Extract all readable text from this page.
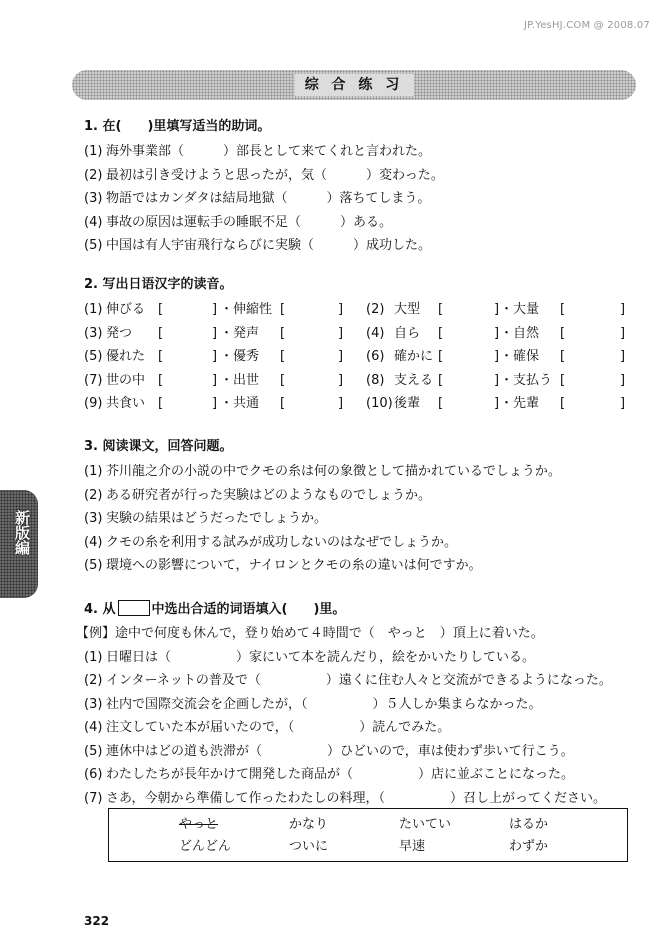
JP.YesHJ.COM @ 2008.07
综 合 练 习
新版編
1. 在(　　)里填写适当的助词。
(1) 海外事業部（　　　）部長として来てくれと言われた。
(2) 最初は引き受けようと思ったが，気（　　　）変わった。
(3) 物語ではカンダタは結局地獄（　　　）落ちてしまう。
(4) 事故の原因は運転手の睡眠不足（　　　）ある。
(5) 中国は有人宇宙飛行ならびに実験（　　　）成功した。
2. 写出日语汉字的读音。
(1) 伸びる [	] ・伸縮性 [	] (2) 大型 [	] ・大量 [	]
(3) 発つ [	] ・発声 [	] (4) 自ら [	] ・自然 [	]
(5) 優れた [	] ・優秀 [	] (6) 確かに [	] ・確保 [	]
(7) 世の中 [	] ・出世 [	] (8) 支える [	] ・支払う [	]
(9) 共食い [	] ・共通 [	] (10) 後輩 [	] ・先輩 [	]
3. 阅读课文，回答问题。
(1) 芥川龍之介の小説の中でクモの糸は何の象徴として描かれているでしょうか。
(2) ある研究者が行った実験はどのようなものでしょうか。
(3) 実験の結果はどうだったでしょうか。
(4) クモの糸を利用する試みが成功しないのはなぜでしょうか。
(5) 環境への影響について，ナイロンとクモの糸の違いは何ですか。
4. 从	中选出合适的词语填入(　　)里。
【例】途中で何度も休んで，登り始めて４時間で（　やっと　）頂上に着いた。
(1) 日曜日は（　　　　　）家にいて本を読んだり，絵をかいたりしている。
(2) インターネットの普及で（　　　　　）遠くに住む人々と交流ができるようになった。
(3) 社内で国際交流会を企画したが，（　　　　　）５人しか集まらなかった。
(4) 注文していた本が届いたので，（　　　　　）読んでみた。
(5) 連休中はどの道も渋滞が（　　　　　）ひどいので，車は使わず歩いて行こう。
(6) わたしたちが長年かけて開発した商品が（　　　　　）店に並ぶことになった。
(7) さあ，今朝から準備して作ったわたしの料理，（　　　　　）召し上がってください。
やっと	かなり	たいてい	はるか
どんどん	ついに	早速	わずか
322
